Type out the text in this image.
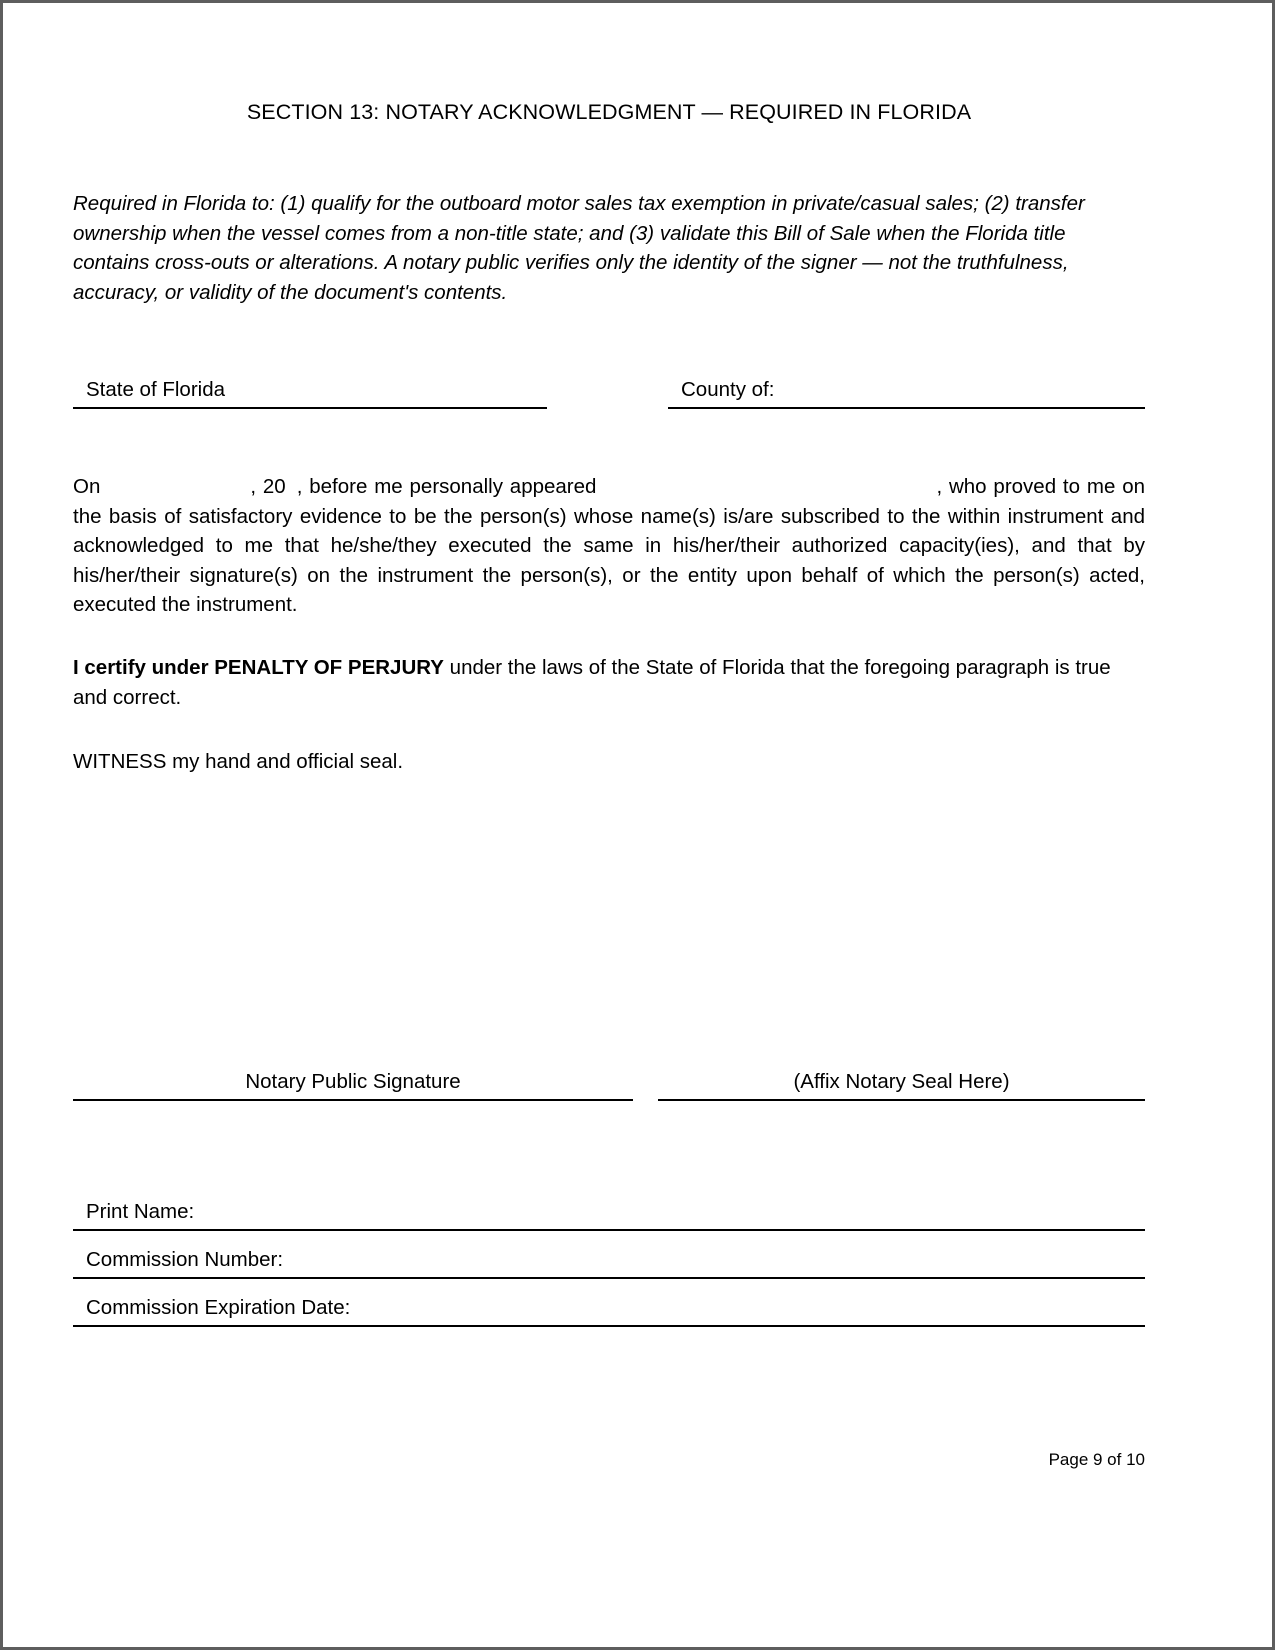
SECTION 13: NOTARY ACKNOWLEDGMENT — REQUIRED IN FLORIDA
Required in Florida to: (1) qualify for the outboard motor sales tax exemption in private/casual sales; (2) transfer ownership when the vessel comes from a non-title state; and (3) validate this Bill of Sale when the Florida title contains cross-outs or alterations. A notary public verifies only the identity of the signer — not the truthfulness, accuracy, or validity of the document's contents.
State of Florida	County of:
On	, 20 , before me personally appeared	, who proved to me on the basis of satisfactory evidence to be the person(s) whose name(s) is/are subscribed to the within instrument and acknowledged to me that he/she/they executed the same in his/her/their authorized capacity(ies), and that by his/her/their signature(s) on the instrument the person(s), or the entity upon behalf of which the person(s) acted, executed the instrument.
I certify under PENALTY OF PERJURY under the laws of the State of Florida that the foregoing paragraph is true and correct.
WITNESS my hand and official seal.
Notary Public Signature	(Affix Notary Seal Here)
Print Name:
Commission Number:
Commission Expiration Date:
Page 9 of 10
